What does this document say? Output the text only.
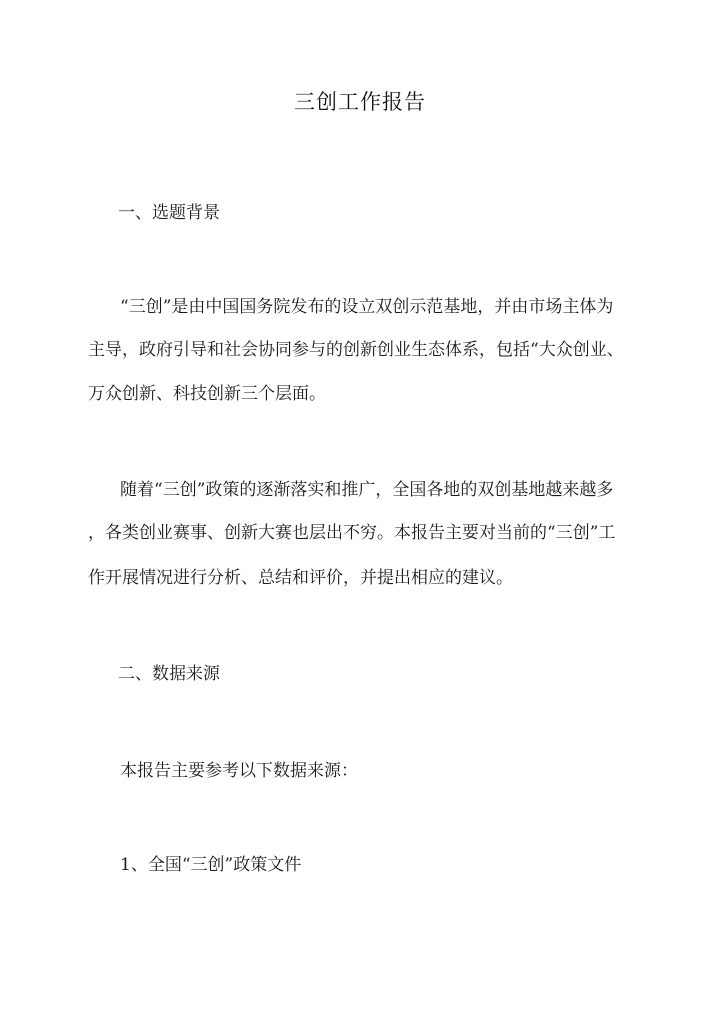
三创工作报告
一、选题背景
“三创”是由中国国务院发布的设立双创示范基地，并由市场主体为
主导，政府引导和社会协同参与的创新创业生态体系，包括“大众创业、
万众创新、科技创新三个层面。
随着“三创”政策的逐渐落实和推广，全国各地的双创基地越来越多
，各类创业赛事、创新大赛也层出不穷。本报告主要对当前的“三创”工
作开展情况进行分析、总结和评价，并提出相应的建议。
二、数据来源
本报告主要参考以下数据来源：
1、全国“三创”政策文件
